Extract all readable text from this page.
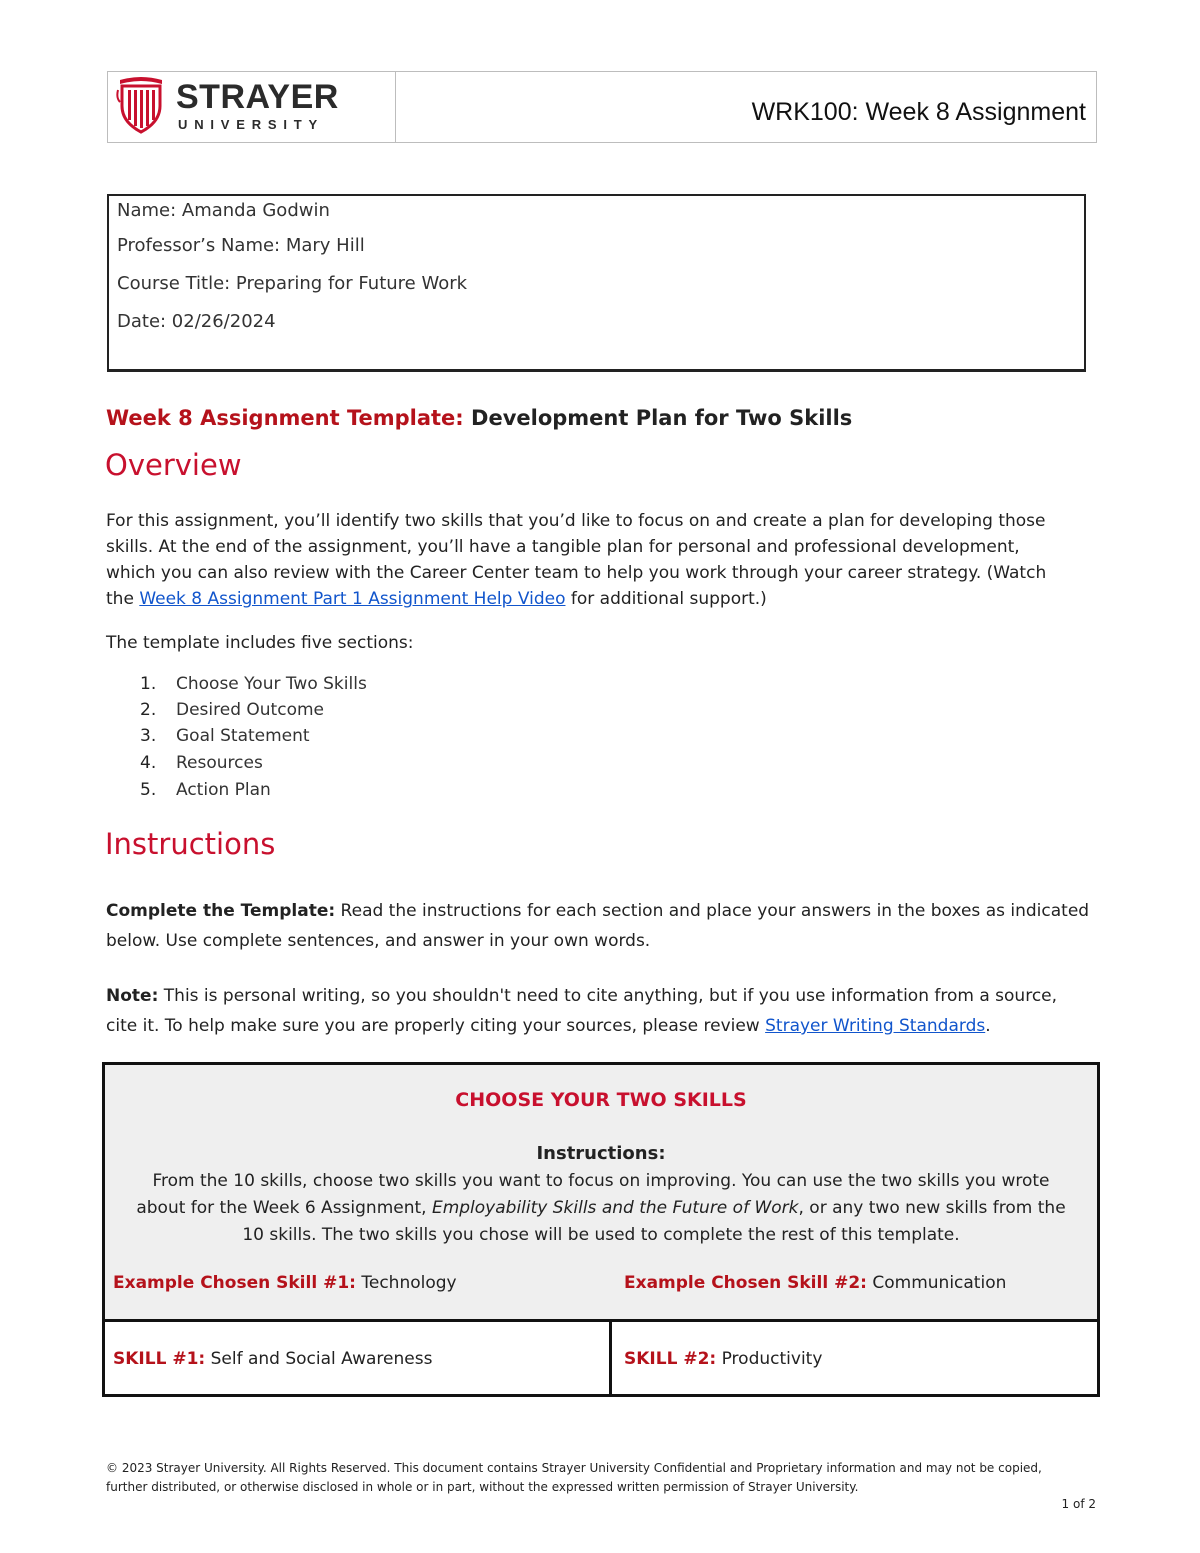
STRAYER
UNIVERSITY	WRK100: Week 8 Assignment
Name: Amanda Godwin
Professor’s Name: Mary Hill
Course Title: Preparing for Future Work
Date: 02/26/2024
Week 8 Assignment Template: Development Plan for Two Skills
Overview
For this assignment, you’ll identify two skills that you’d like to focus on and create a plan for developing those
skills. At the end of the assignment, you’ll have a tangible plan for personal and professional development,
which you can also review with the Career Center team to help you work through your career strategy. (Watch
the Week 8 Assignment Part 1 Assignment Help Video for additional support.)
The template includes five sections:
1. Choose Your Two Skills
2. Desired Outcome
3. Goal Statement
4. Resources
5. Action Plan
Instructions
Complete the Template: Read the instructions for each section and place your answers in the boxes as indicated
below. Use complete sentences, and answer in your own words.
Note: This is personal writing, so you shouldn't need to cite anything, but if you use information from a source,
cite it. To help make sure you are properly citing your sources, please review Strayer Writing Standards.
CHOOSE YOUR TWO SKILLS
Instructions:
From the 10 skills, choose two skills you want to focus on improving. You can use the two skills you wrote
about for the Week 6 Assignment, Employability Skills and the Future of Work, or any two new skills from the
10 skills. The two skills you chose will be used to complete the rest of this template.
Example Chosen Skill #1: Technology	Example Chosen Skill #2: Communication
SKILL #1: Self and Social Awareness	SKILL #2: Productivity
© 2023 Strayer University. All Rights Reserved. This document contains Strayer University Confidential and Proprietary information and may not be copied,
further distributed, or otherwise disclosed in whole or in part, without the expressed written permission of Strayer University.
1 of 2
